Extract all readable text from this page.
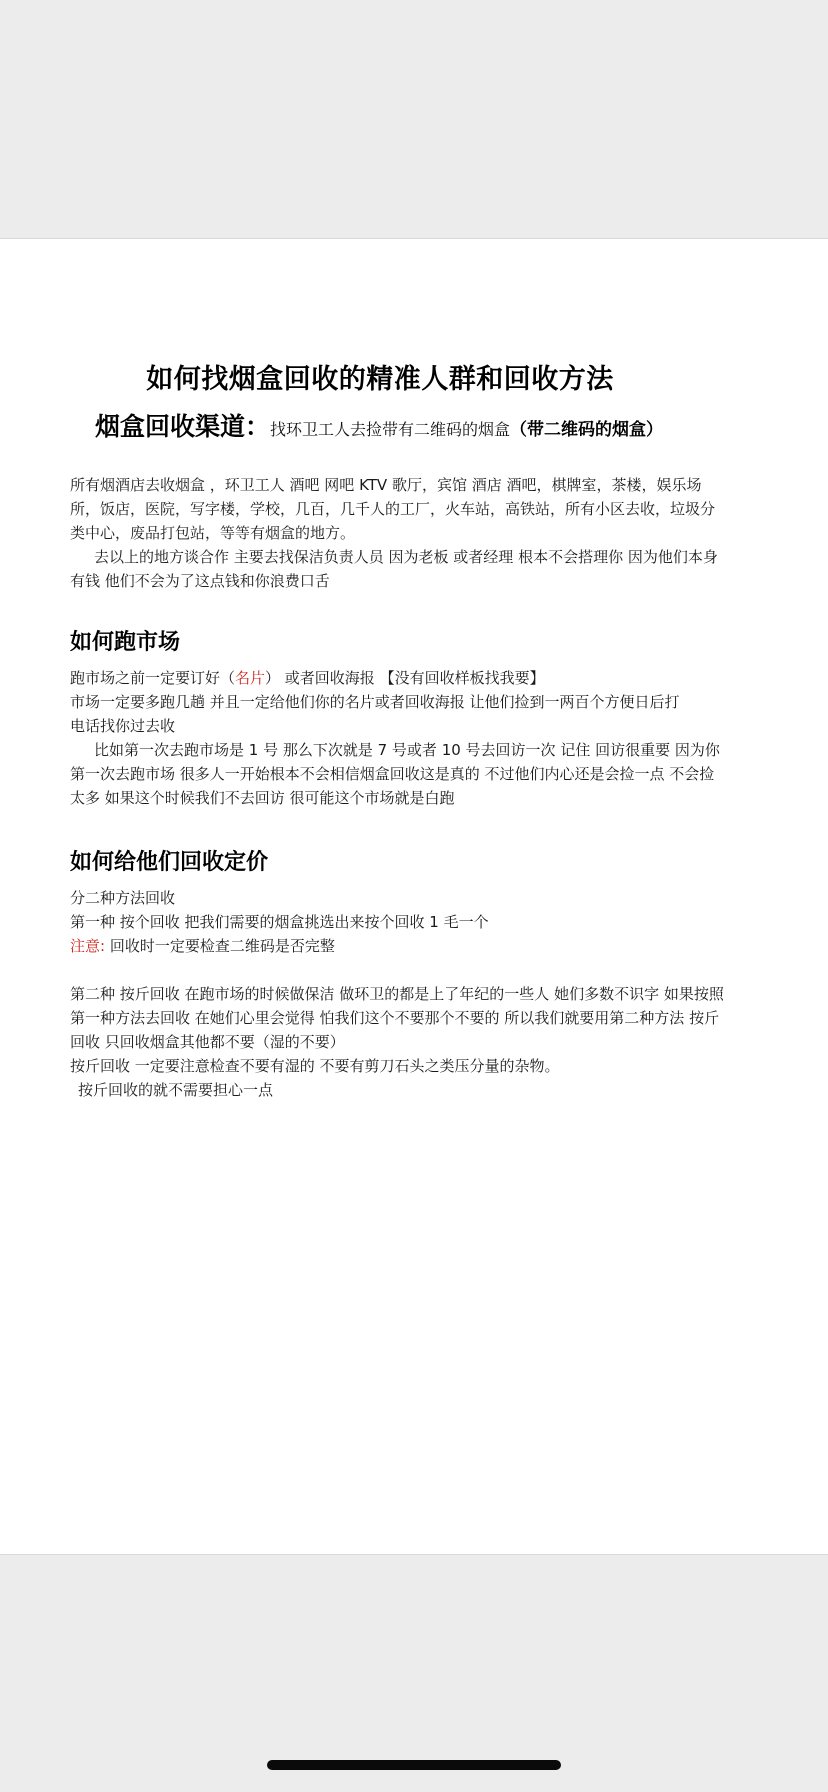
如何找烟盒回收的精准人群和回收方法
烟盒回收渠道：找环卫工人去捡带有二维码的烟盒（带二维码的烟盒）

所有烟酒店去收烟盒 ，环卫工人 酒吧 网吧 KTV 歌厅，宾馆 酒店 酒吧，棋牌室，茶楼，娱乐场所，饭店，医院，写字楼，学校，几百，几千人的工厂，火车站，高铁站，所有小区去收，垃圾分类中心，废品打包站，等等有烟盒的地方。

去以上的地方谈合作 主要去找保洁负责人员 因为老板 或者经理 根本不会搭理你 因为他们本身有钱 他们不会为了这点钱和你浪费口舌

如何跑市场

跑市场之前一定要订好（名片） 或者回收海报 【没有回收样板找我要】

市场一定要多跑几趟 并且一定给他们你的名片或者回收海报 让他们捡到一两百个方便日后打电话找你过去收

比如第一次去跑市场是 1 号 那么下次就是 7 号或者 10 号去回访一次 记住 回访很重要 因为你第一次去跑市场 很多人一开始根本不会相信烟盒回收这是真的 不过他们内心还是会捡一点 不会捡太多 如果这个时候我们不去回访 很可能这个市场就是白跑

如何给他们回收定价

分二种方法回收

第一种 按个回收 把我们需要的烟盒挑选出来按个回收 1 毛一个

注意: 回收时一定要检查二维码是否完整

第二种 按斤回收 在跑市场的时候做保洁 做环卫的都是上了年纪的一些人 她们多数不识字 如果按照第一种方法去回收 在她们心里会觉得 怕我们这个不要那个不要的 所以我们就要用第二种方法 按斤回收 只回收烟盒其他都不要（湿的不要）

按斤回收 一定要注意检查不要有湿的 不要有剪刀石头之类压分量的杂物。

按斤回收的就不需要担心一点
